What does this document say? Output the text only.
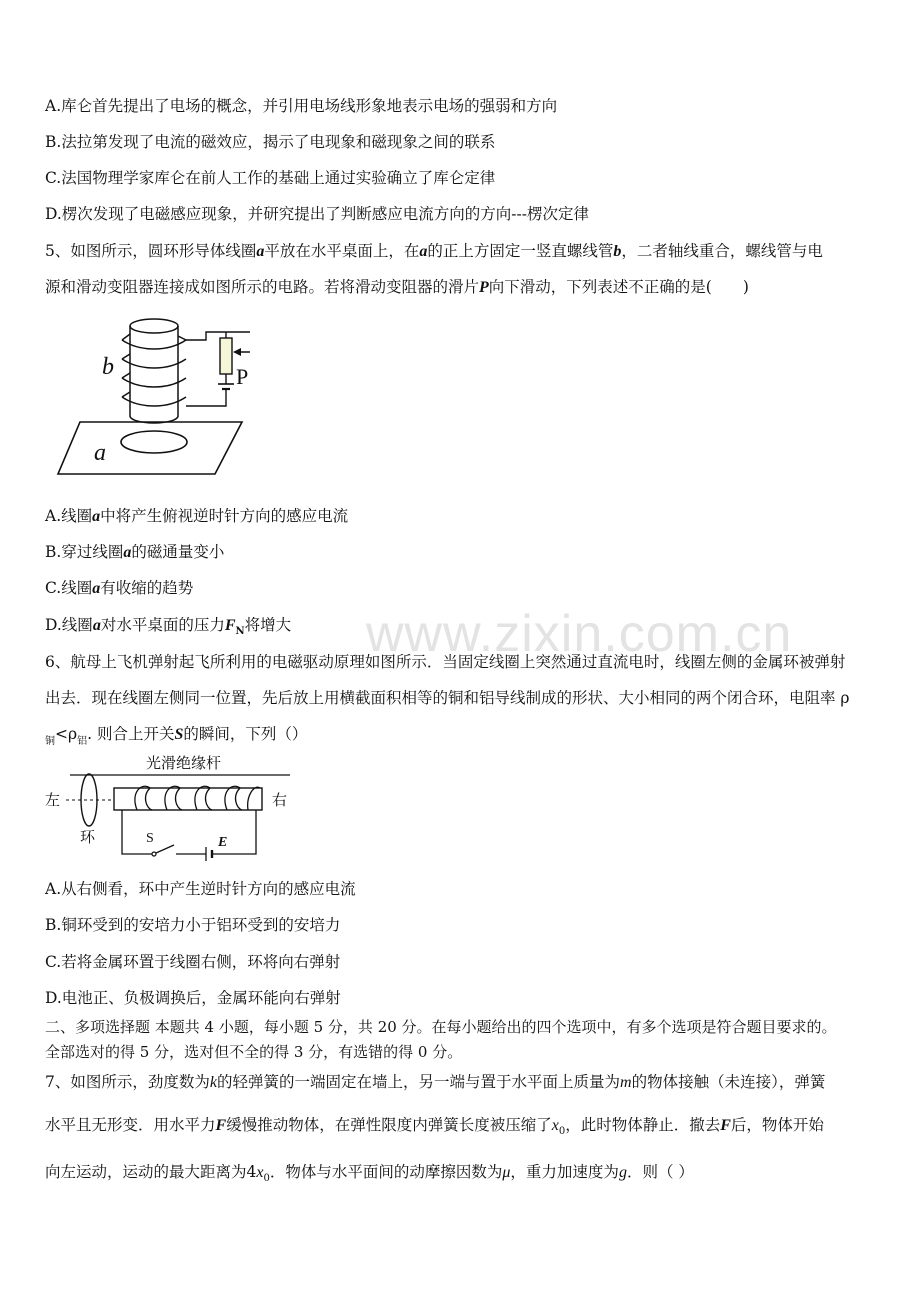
A.库仑首先提出了电场的概念，并引用电场线形象地表示电场的强弱和方向
B.法拉第发现了电流的磁效应，揭示了电现象和磁现象之间的联系
C.法国物理学家库仑在前人工作的基础上通过实验确立了库仑定律
D.楞次发现了电磁感应现象，并研究提出了判断感应电流方向的方向---楞次定律
5、如图所示，圆环形导体线圈a平放在水平桌面上，在a的正上方固定一竖直螺线管b，二者轴线重合，螺线管与电
源和滑动变阻器连接成如图所示的电路。若将滑动变阻器的滑片P向下滑动，下列表述不正确的是(　　)
b	P
a
A.线圈a中将产生俯视逆时针方向的感应电流
B.穿过线圈a的磁通量变小
C.线圈a有收缩的趋势
D.线圈a对水平桌面的压力$F_N$将增大 www.zixin.com.cn
6、航母上飞机弹射起飞所利用的电磁驱动原理如图所示．当固定线圈上突然通过直流电时，线圈左侧的金属环被弹射
出去．现在线圈左侧同一位置，先后放上用横截面积相等的铜和铝导线制成的形状、大小相同的两个闭合环，电阻率 ρ
$_铜<\rho_铝$. 则合上开关S的瞬间，下列（）
光滑绝缘杆
左	右
环	S	E
A.从右侧看，环中产生逆时针方向的感应电流
B.铜环受到的安培力小于铝环受到的安培力
C.若将金属环置于线圈右侧，环将向右弹射
D.电池正、负极调换后，金属环能向右弹射
二、多项选择题 本题共 4 小题，每小题 5 分，共 20 分。在每小题给出的四个选项中，有多个选项是符合题目要求的。
全部选对的得 5 分，选对但不全的得 3 分，有选错的得 0 分。
7、如图所示，劲度数为k的轻弹簧的一端固定在墙上，另一端与置于水平面上质量为m的物体接触（未连接），弹簧
水平且无形变．用水平力F缓慢推动物体，在弹性限度内弹簧长度被压缩了$x_0$，此时物体静止．撤去F后，物体开始
向左运动，运动的最大距离为$4x_0$．物体与水平面间的动摩擦因数为μ，重力加速度为g．则（ ）
